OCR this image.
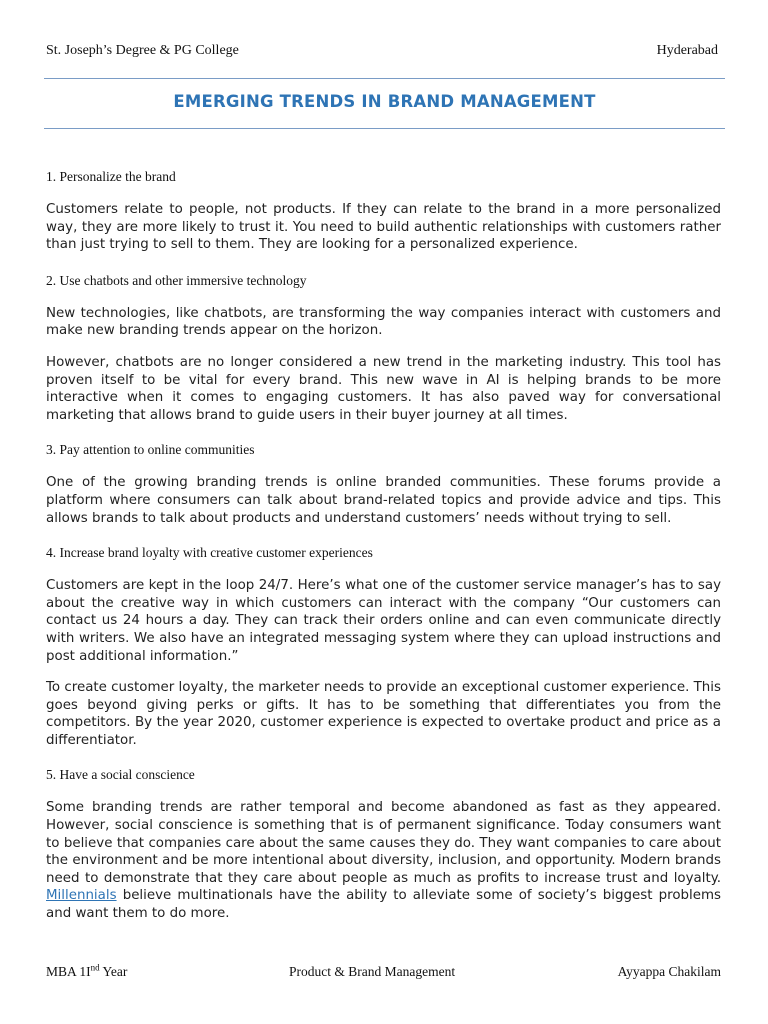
St. Joseph’s Degree & PG College	Hyderabad
EMERGING TRENDS IN BRAND MANAGEMENT

1. Personalize the brand

Customers relate to people, not products. If they can relate to the brand in a more personalized way, they are more likely to trust it. You need to build authentic relationships with customers rather than just trying to sell to them. They are looking for a personalized experience.

2. Use chatbots and other immersive technology

New technologies, like chatbots, are transforming the way companies interact with customers and make new branding trends appear on the horizon.

However, chatbots are no longer considered a new trend in the marketing industry. This tool has proven itself to be vital for every brand. This new wave in AI is helping brands to be more interactive when it comes to engaging customers. It has also paved way for conversational marketing that allows brand to guide users in their buyer journey at all times.

3. Pay attention to online communities

One of the growing branding trends is online branded communities. These forums provide a platform where consumers can talk about brand-related topics and provide advice and tips. This allows brands to talk about products and understand customers’ needs without trying to sell.

4. Increase brand loyalty with creative customer experiences

Customers are kept in the loop 24/7. Here’s what one of the customer service manager’s has to say about the creative way in which customers can interact with the company “Our customers can contact us 24 hours a day. They can track their orders online and can even communicate directly with writers. We also have an integrated messaging system where they can upload instructions and post additional information.”

To create customer loyalty, the marketer needs to provide an exceptional customer experience. This goes beyond giving perks or gifts. It has to be something that differentiates you from the competitors. By the year 2020, customer experience is expected to overtake product and price as a differentiator.

5. Have a social conscience

Some branding trends are rather temporal and become abandoned as fast as they appeared. However, social conscience is something that is of permanent significance. Today consumers want to believe that companies care about the same causes they do. They want companies to care about the environment and be more intentional about diversity, inclusion, and opportunity. Modern brands need to demonstrate that they care about people as much as profits to increase trust and loyalty. Millennials believe multinationals have the ability to alleviate some of society’s biggest problems and want them to do more.

MBA 1Ind Year	Product & Brand Management	Ayyappa Chakilam
